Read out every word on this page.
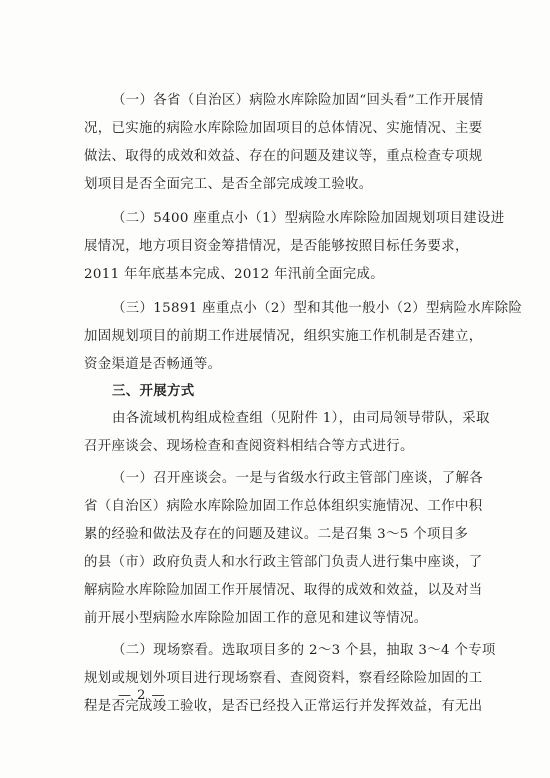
（一）各省（自治区）病险水库除险加固“回头看”工作开展情
况，已实施的病险水库除险加固项目的总体情况、实施情况、主要
做法、取得的成效和效益、存在的问题及建议等，重点检查专项规
划项目是否全面完工、是否全部完成竣工验收。
（二）5400 座重点小（1）型病险水库除险加固规划项目建设进
展情况，地方项目资金筹措情况，是否能够按照目标任务要求，
2011 年年底基本完成、2012 年汛前全面完成。
（三）15891 座重点小（2）型和其他一般小（2）型病险水库除险
加固规划项目的前期工作进展情况，组织实施工作机制是否建立，
资金渠道是否畅通等。
三、开展方式
由各流域机构组成检查组（见附件 1），由司局领导带队，采取
召开座谈会、现场检查和查阅资料相结合等方式进行。
（一）召开座谈会。一是与省级水行政主管部门座谈，了解各
省（自治区）病险水库除险加固工作总体组织实施情况、工作中积
累的经验和做法及存在的问题及建议。二是召集 3～5 个项目多
的县（市）政府负责人和水行政主管部门负责人进行集中座谈，了
解病险水库除险加固工作开展情况、取得的成效和效益，以及对当
前开展小型病险水库除险加固工作的意见和建议等情况。
（二）现场察看。选取项目多的 2～3 个县，抽取 3～4 个专项
规划或规划外项目进行现场察看、查阅资料，察看经除险加固的工
程是否完成竣工验收，是否已经投入正常运行并发挥效益，有无出
— 2 —
